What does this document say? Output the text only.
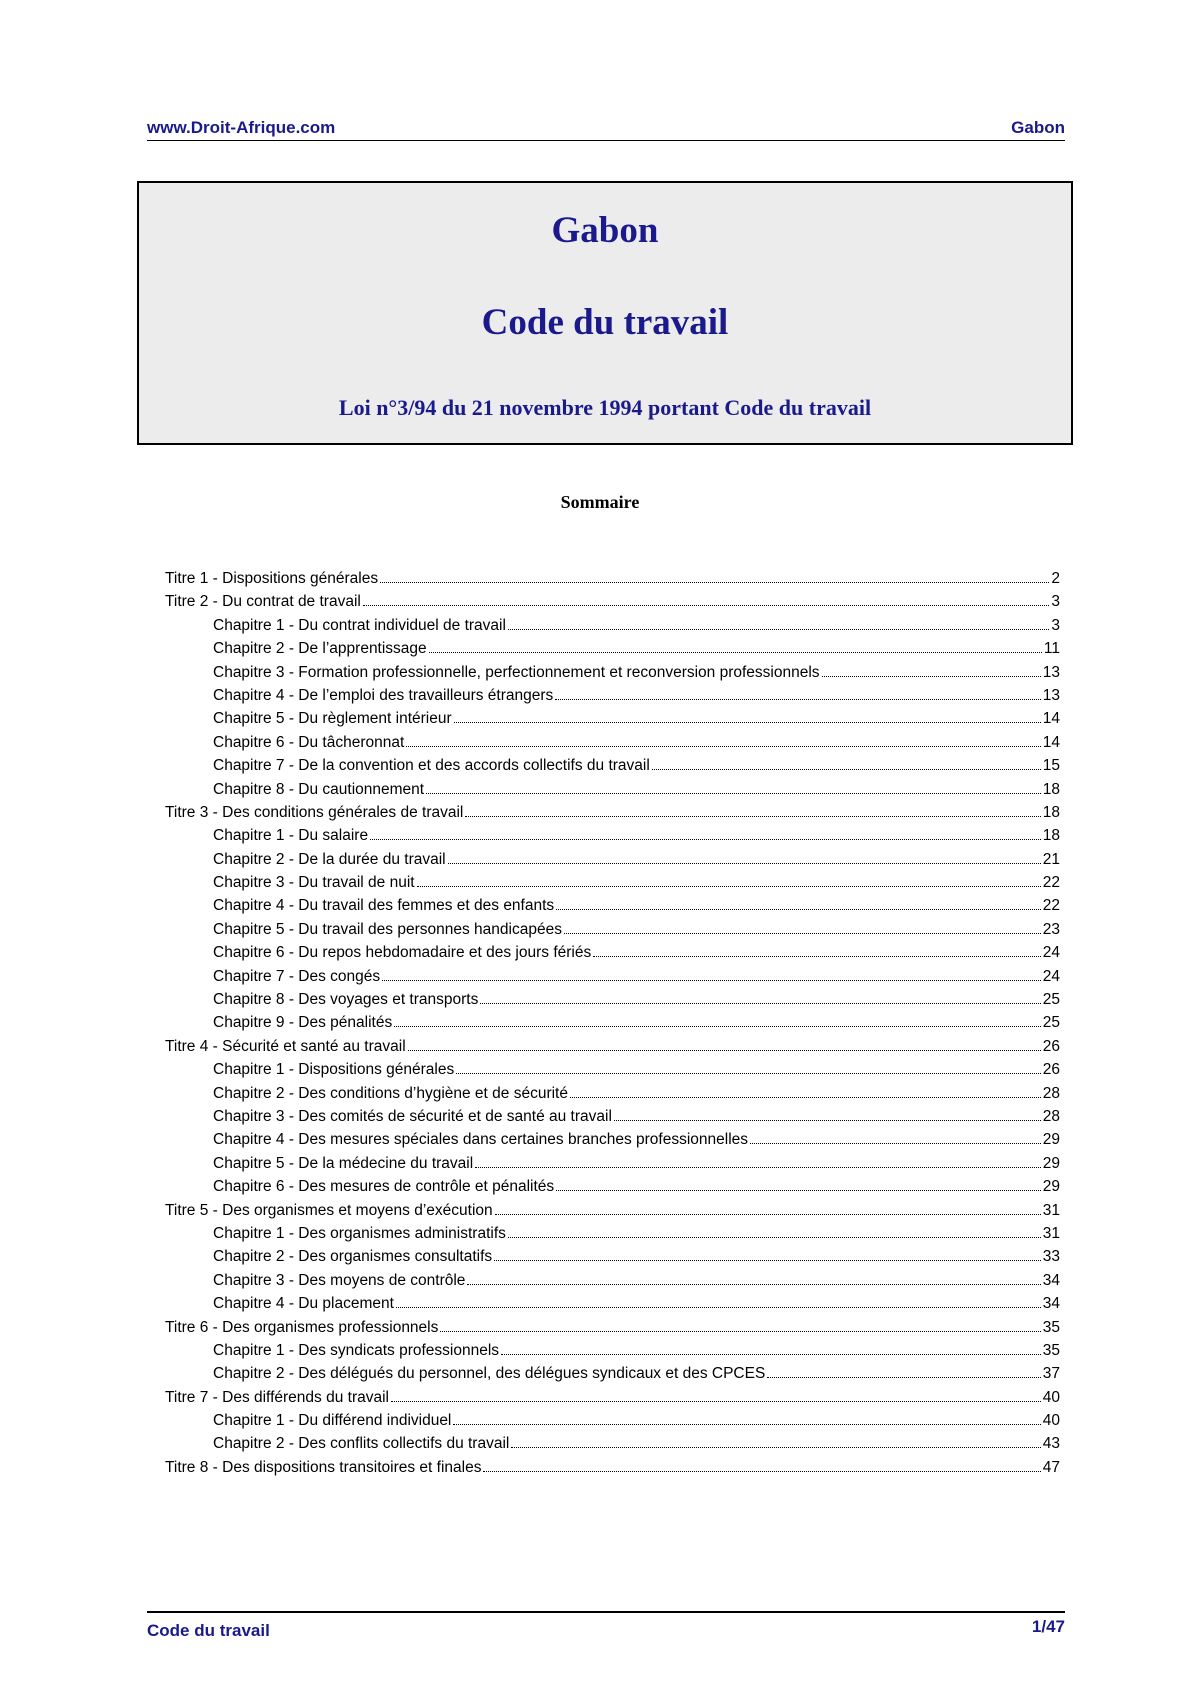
www.Droit-Afrique.com	Gabon
Gabon
Code du travail
Loi n°3/94 du 21 novembre 1994 portant Code du travail
Sommaire
Titre 1 - Dispositions générales	2
Titre 2 - Du contrat de travail	3
Chapitre 1 - Du contrat individuel de travail	3
Chapitre 2 - De l’apprentissage	11
Chapitre 3 - Formation professionnelle, perfectionnement et reconversion professionnels	13
Chapitre 4 - De l’emploi des travailleurs étrangers	13
Chapitre 5 - Du règlement intérieur	14
Chapitre 6 - Du tâcheronnat	14
Chapitre 7 - De la convention et des accords collectifs du travail	15
Chapitre 8 - Du cautionnement	18
Titre 3 - Des conditions générales de travail	18
Chapitre 1 - Du salaire	18
Chapitre 2 - De la durée du travail	21
Chapitre 3 - Du travail de nuit	22
Chapitre 4 - Du travail des femmes et des enfants	22
Chapitre 5 - Du travail des personnes handicapées	23
Chapitre 6 - Du repos hebdomadaire et des jours fériés	24
Chapitre 7 - Des congés	24
Chapitre 8 - Des voyages et transports	25
Chapitre 9 - Des pénalités	25
Titre 4 - Sécurité et santé au travail	26
Chapitre 1 - Dispositions générales	26
Chapitre 2 - Des conditions d’hygiène et de sécurité	28
Chapitre 3 - Des comités de sécurité et de santé au travail	28
Chapitre 4 - Des mesures spéciales dans certaines branches professionnelles	29
Chapitre 5 - De la médecine du travail	29
Chapitre 6 - Des mesures de contrôle et pénalités	29
Titre 5 - Des organismes et moyens d’exécution	31
Chapitre 1 - Des organismes administratifs	31
Chapitre 2 - Des organismes consultatifs	33
Chapitre 3 - Des moyens de contrôle	34
Chapitre 4 - Du placement	34
Titre 6 - Des organismes professionnels	35
Chapitre 1 - Des syndicats professionnels	35
Chapitre 2 - Des délégués du personnel, des délégues syndicaux et des CPCES	37
Titre 7 - Des différends du travail	40
Chapitre 1 - Du différend individuel	40
Chapitre 2 - Des conflits collectifs du travail	43
Titre 8 - Des dispositions transitoires et finales	47
Code du travail	1/47
